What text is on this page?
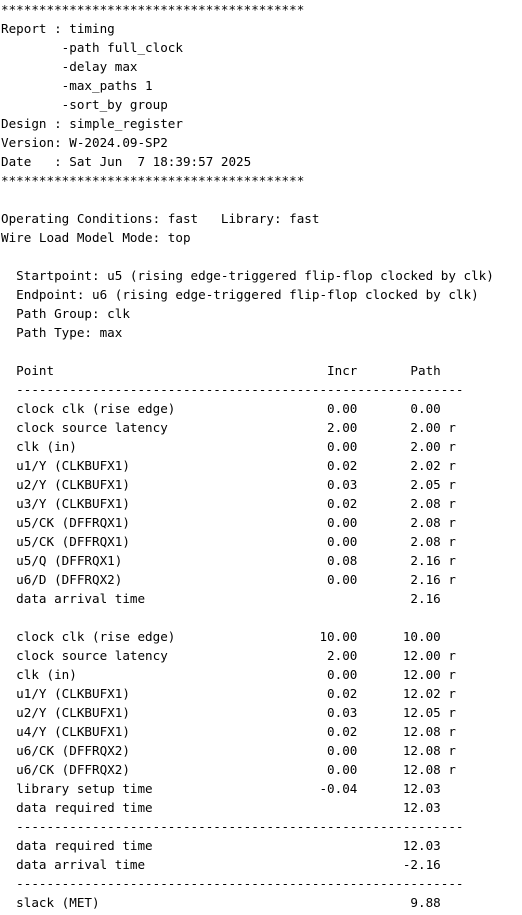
****************************************
Report : timing
-path full_clock
-delay max
-max_paths 1
-sort_by group
Design : simple_register
Version: W-2024.09-SP2
Date   : Sat Jun  7 18:39:57 2025
****************************************
Operating Conditions: fast   Library: fast
Wire Load Model Mode: top
Startpoint: u5 (rising edge-triggered flip-flop clocked by clk)
Endpoint: u6 (rising edge-triggered flip-flop clocked by clk)
Path Group: clk
Path Type: max
Point                                    Incr       Path
-----------------------------------------------------------
clock clk (rise edge)                    0.00       0.00
clock source latency                     2.00       2.00 r
clk (in)                                 0.00       2.00 r
u1/Y (CLKBUFX1)                          0.02       2.02 r
u2/Y (CLKBUFX1)                          0.03       2.05 r
u3/Y (CLKBUFX1)                          0.02       2.08 r
u5/CK (DFFRQX1)                          0.00       2.08 r
u5/CK (DFFRQX1)                          0.00       2.08 r
u5/Q (DFFRQX1)                           0.08       2.16 r
u6/D (DFFRQX2)                           0.00       2.16 r
data arrival time                                   2.16
clock clk (rise edge)                   10.00      10.00
clock source latency                     2.00      12.00 r
clk (in)                                 0.00      12.00 r
u1/Y (CLKBUFX1)                          0.02      12.02 r
u2/Y (CLKBUFX1)                          0.03      12.05 r
u4/Y (CLKBUFX1)                          0.02      12.08 r
u6/CK (DFFRQX2)                          0.00      12.08 r
u6/CK (DFFRQX2)                          0.00      12.08 r
library setup time                      -0.04      12.03
data required time                                 12.03
-----------------------------------------------------------
data required time                                 12.03
data arrival time                                  -2.16
-----------------------------------------------------------
slack (MET)                                         9.88
